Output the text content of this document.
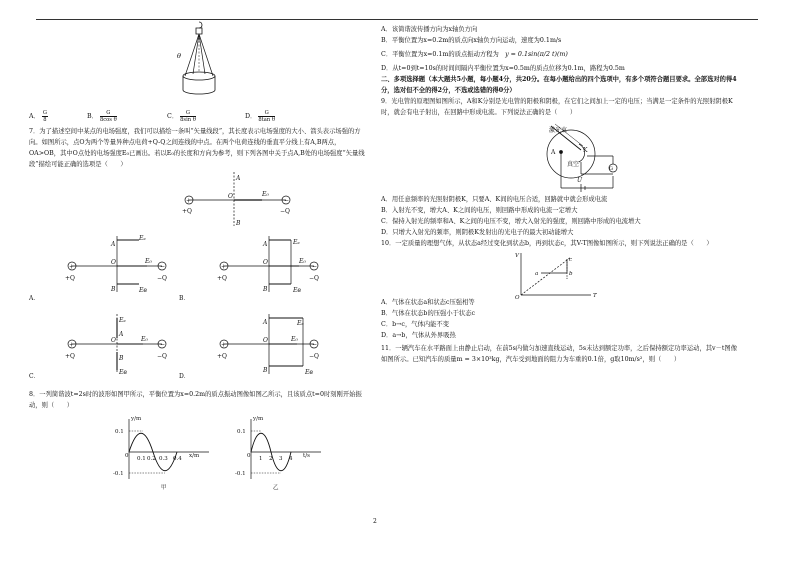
θ
A． $\frac{G}{8}$	B． $\frac{G}{\text{8cos θ}}$	C． $\frac{G}{\text{8sin θ}}$	D． $\frac{G}{\text{8tan θ}}$

7．为了描述空间中某点的电场强度，我们可以描绘一条叫“矢量线段”，其长度表示电场强度的大小、箭头表示场强的方向。如图所示，点O为两个等量异种点电荷+Q-Q之间连线的中点。在两个电荷连线的垂直平分线上有A,B两点，OA>OB，其中O点处的电场强度E₀已画出。若以E₀的长度和方向为参考，则下列各图中关于点A,B处的电场强度“矢量线段”描绘可能正确的选项是（　　）

+	−
+Q	−Q
A
B
O	E₀
A．	B．
C．	D．
+	−
+Q	−Q
A
B
Eₐ
Eв
O	E₀
+	−
+Q	−Q
A
B
Eₐ
Eв
O	E₀
+	−
+Q	−Q
Eₐ
A
B
Eв
O	E₀
+	−
+Q	−Q
A
B
Eₐ
Eв
O	E₀

8．一列简谐波t=2s时的波形如图甲所示，平衡位置为x=0.2m的质点振动图像如图乙所示，且该质点t=0时刻刚开始振动，则（　　）

y/m
0.1
0
-0.1
0.1 0.2 0.3 0.4 x/m
甲
y/m
0.1
0
-0.1
1 2 3 4 t/s
乙

A．该简谐波传播方向为x轴负方向

B．平衡位置为x=0.2m的质点向x轴负方向运动，速度为0.1m/s

C．平衡位置为x=0.1m的质点振动方程为　 y = 0.1sin(π/2 t)(m)

D．从t=0到t=10s的时间间隔内平衡位置为x=0.5m的质点位移为0.1m，路程为0.5m

二、多项选择题（本大题共5小题，每小题4分，共20分。在每小题给出的四个选项中，有多个项符合题目要求。全部选对的得4分，选对但不全的得2分，不选或选错的得0分）

9．光电管的原理图如图所示，A和K分别是光电管的阳极和阴极，在它们之间加上一定的电压；当满足一定条件的光照射阴极K时，就会有电子射出，在回路中形成电流。下列说法正确的是（　　）

激光束
A	K
真空
G
U

A．用任意频率的光照射阴极K，只要A、K间的电压合适，回路就中就会形成电流

B．入射光不变，增大A、K之间的电压，则回路中形成的电流一定增大

C．保持入射光的频率和A、K之间的电压不变，增大入射光的强度，则回路中形成的电流增大

D．只增大入射光的频率，则阴极K发射出的光电子的最大初动能增大

10．一定质量的理想气体，从状态a经过变化到状态b，再到状态c，其V-T图像如图所示，则下列说法正确的是（　　）

V
T
O
a	b
c

A．气体在状态a和状态c压强相等

B．气体在状态b的压强小于状态c

C．b→c，气体内能不变

D．a→b，气体从外界吸热

11．一辆汽车在水平路面上由静止启动，在前5s内做匀加速直线运动，5s末达到额定功率，之后保持额定功率运动，其v－t图像如图所示。已知汽车的质量m = 3×10³kg，汽车受到地面的阻力为车重的0.1倍，g取10m/s²，则（　　）

2
